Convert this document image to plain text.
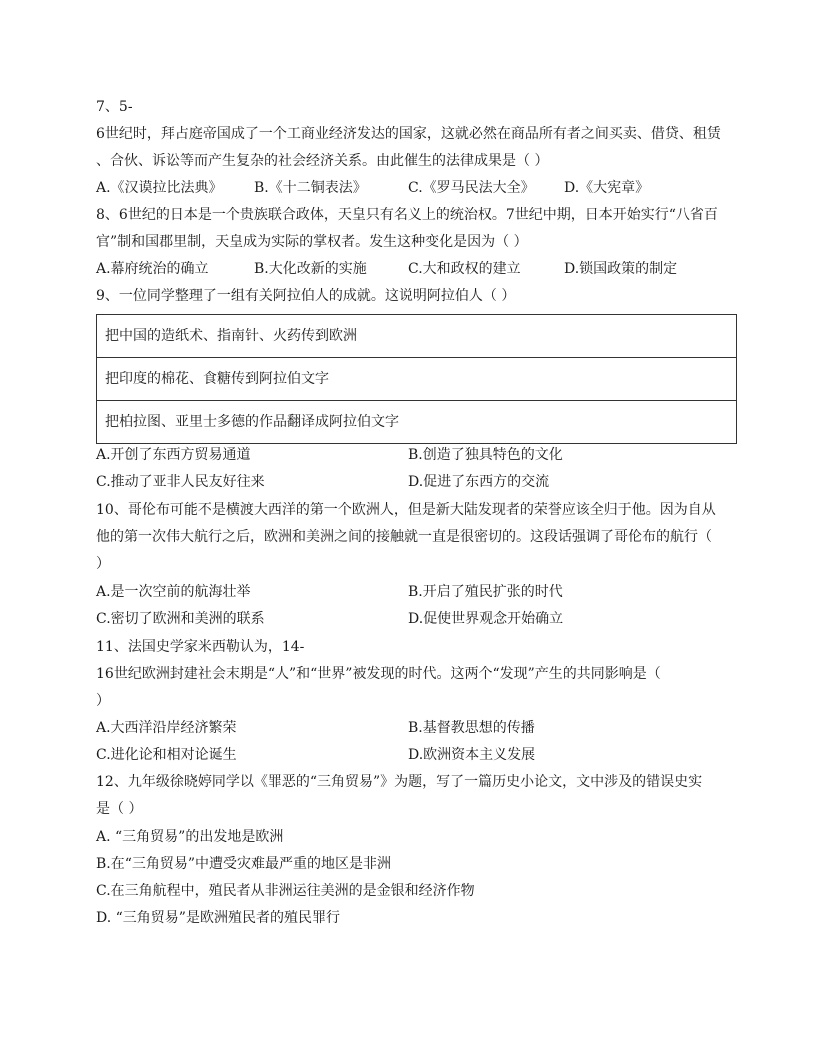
7、5-
6世纪时，拜占庭帝国成了一个工商业经济发达的国家，这就必然在商品所有者之间买卖、借贷、租赁
、合伙、诉讼等而产生复杂的社会经济关系。由此催生的法律成果是（ ）
A.《汉谟拉比法典》 B.《十二铜表法》	C.《罗马民法大全》 D.《大宪章》
8、6世纪的日本是一个贵族联合政体，天皇只有名义上的统治权。7世纪中期，日本开始实行“八省百
官”制和国郡里制，天皇成为实际的掌权者。发生这种变化是因为（ ）
A.幕府统治的确立	B.大化改新的实施	C.大和政权的建立	D.锁国政策的制定
9、一位同学整理了一组有关阿拉伯人的成就。这说明阿拉伯人（ ）
把中国的造纸术、指南针、火药传到欧洲
把印度的棉花、食糖传到阿拉伯文字
把柏拉图、亚里士多德的作品翻译成阿拉伯文字
A.开创了东西方贸易通道	B.创造了独具特色的文化
C.推动了亚非人民友好往来	D.促进了东西方的交流
10、哥伦布可能不是横渡大西洋的第一个欧洲人，但是新大陆发现者的荣誉应该全归于他。因为自从
他的第一次伟大航行之后，欧洲和美洲之间的接触就一直是很密切的。这段话强调了哥伦布的航行（
）
A.是一次空前的航海壮举	B.开启了殖民扩张的时代
C.密切了欧洲和美洲的联系	D.促使世界观念开始确立
11、法国史学家米西勒认为，14-
16世纪欧洲封建社会末期是“人”和“世界”被发现的时代。这两个“发现”产生的共同影响是（
）
A.大西洋沿岸经济繁荣	B.基督教思想的传播
C.进化论和相对论诞生	D.欧洲资本主义发展
12、九年级徐晓婷同学以《罪恶的“三角贸易”》为题，写了一篇历史小论文，文中涉及的错误史实
是（ ）
A. “三角贸易”的出发地是欧洲
B.在“三角贸易”中遭受灾难最严重的地区是非洲
C.在三角航程中，殖民者从非洲运往美洲的是金银和经济作物
D. “三角贸易”是欧洲殖民者的殖民罪行
